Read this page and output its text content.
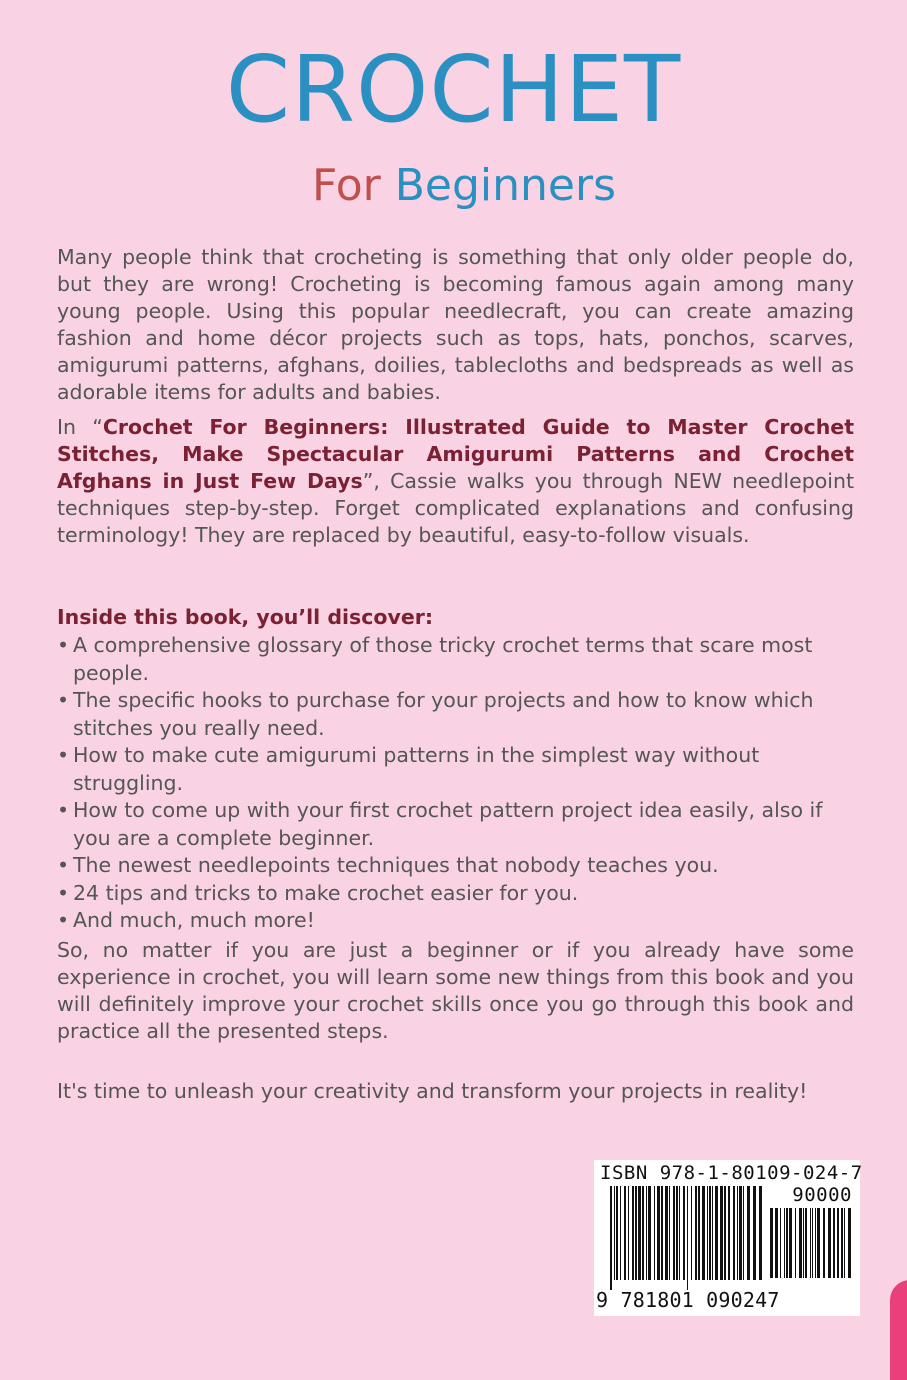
CROCHET
For Beginners

Many people think that crocheting is something that only older people do, but they are wrong! Crocheting is becoming famous again among many young people. Using this popular needlecraft, you can create amazing fashion and home décor projects such as tops, hats, ponchos, scarves, amigurumi patterns, afghans, doilies, tablecloths and bedspreads as well as adorable items for adults and babies.

In “Crochet For Beginners: Illustrated Guide to Master Crochet Stitches, Make Spectacular Amigurumi Patterns and Crochet Afghans in Just Few Days”, Cassie walks you through NEW needlepoint techniques step-by-step. Forget complicated explanations and confusing terminology! They are replaced by beautiful, easy-to-follow visuals.

Inside this book, you’ll discover:

• A comprehensive glossary of those tricky crochet terms that scare most people.
• The specific hooks to purchase for your projects and how to know which stitches you really need.
• How to make cute amigurumi patterns in the simplest way without struggling.
• How to come up with your first crochet pattern project idea easily, also if you are a complete beginner.
• The newest needlepoints techniques that nobody teaches you.
• 24 tips and tricks to make crochet easier for you.
• And much, much more!

So, no matter if you are just a beginner or if you already have some experience in crochet, you will learn some new things from this book and you will definitely improve your crochet skills once you go through this book and practice all the presented steps.

It's time to unleash your creativity and transform your projects in reality!

ISBN 978-1-80109-024-7
90000
9 781801 090247
